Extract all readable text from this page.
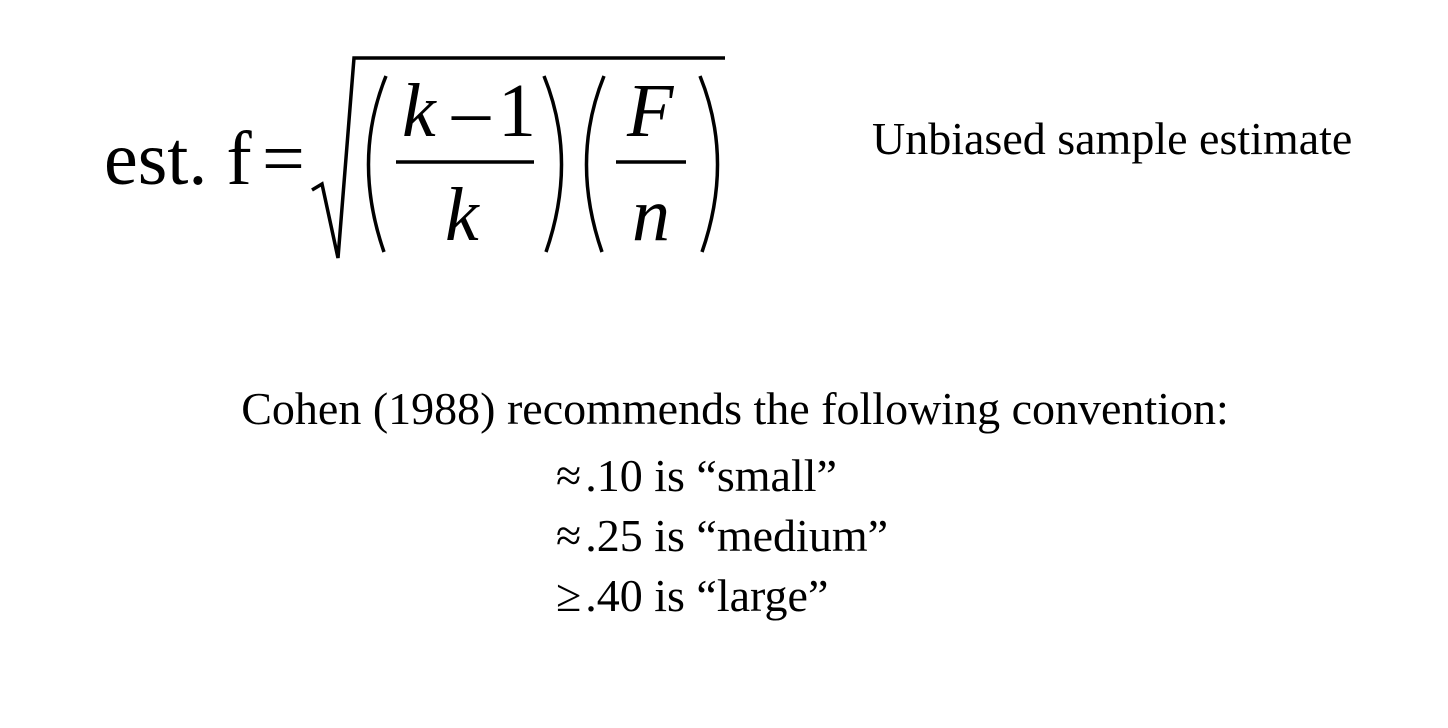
est. f =
k – 1
k
F
n
Unbiased sample estimate
Cohen (1988) recommends the following convention:
≈.10 is “small”
≈.25 is “medium”
≥.40 is “large”
